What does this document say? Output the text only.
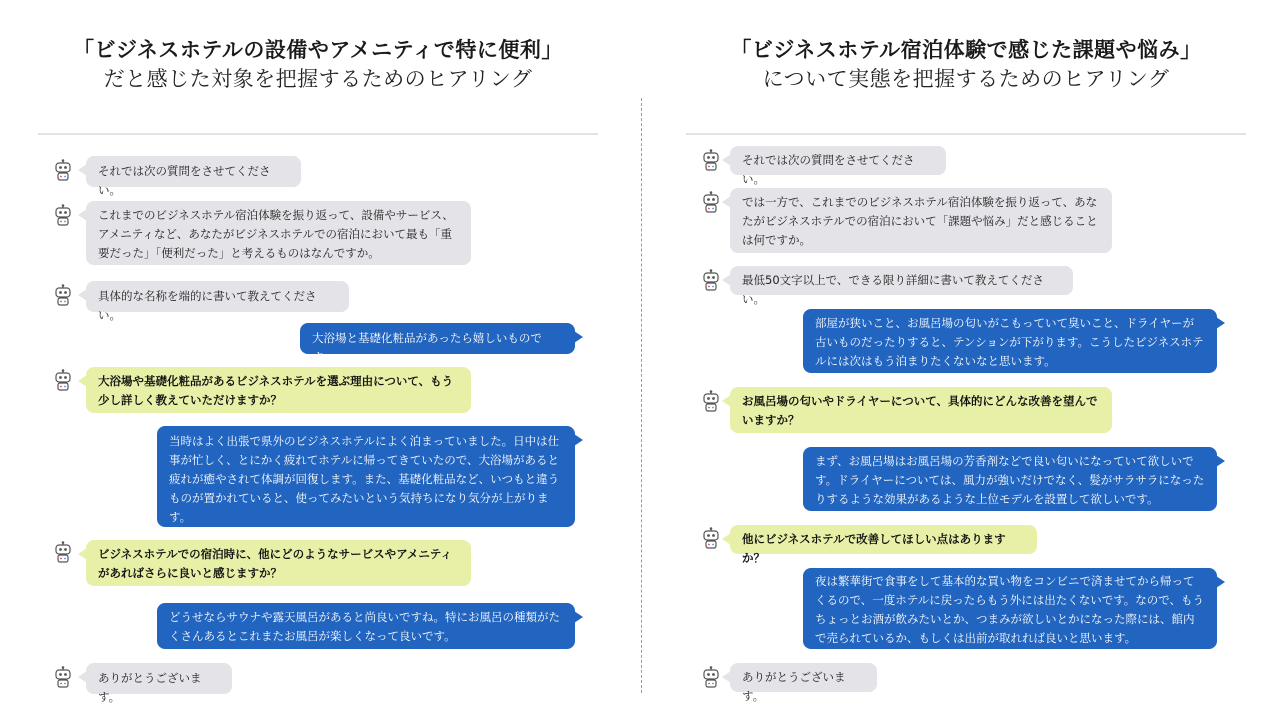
「ビジネスホテルの設備やアメニティで特に便利」
だと感じた対象を把握するためのヒアリング
それでは次の質問をさせてください。
これまでのビジネスホテル宿泊体験を振り返って、設備やサービス、アメニティなど、あなたがビジネスホテルでの宿泊において最も「重要だった」「便利だった」と考えるものはなんですか。
具体的な名称を端的に書いて教えてください。
大浴場と基礎化粧品があったら嬉しいものです。
大浴場や基礎化粧品があるビジネスホテルを選ぶ理由について、もう少し詳しく教えていただけますか？
当時はよく出張で県外のビジネスホテルによく泊まっていました。日中は仕事が忙しく、とにかく疲れてホテルに帰ってきていたので、大浴場があると疲れが癒やされて体調が回復します。また、基礎化粧品など、いつもと違うものが置かれていると、使ってみたいという気持ちになり気分が上がります。
ビジネスホテルでの宿泊時に、他にどのようなサービスやアメニティがあればさらに良いと感じますか？
どうせならサウナや露天風呂があると尚良いですね。特にお風呂の種類がたくさんあるとこれまたお風呂が楽しくなって良いです。
ありがとうございます。
「ビジネスホテル宿泊体験で感じた課題や悩み」
について実態を把握するためのヒアリング
それでは次の質問をさせてください。
では一方で、これまでのビジネスホテル宿泊体験を振り返って、あなたがビジネスホテルでの宿泊において「課題や悩み」だと感じることは何ですか。
最低50文字以上で、できる限り詳細に書いて教えてください。
部屋が狭いこと、お風呂場の匂いがこもっていて臭いこと、ドライヤーが古いものだったりすると、テンションが下がります。こうしたビジネスホテルには次はもう泊まりたくないなと思います。
お風呂場の匂いやドライヤーについて、具体的にどんな改善を望んでいますか？
まず、お風呂場はお風呂場の芳香剤などで良い匂いになっていて欲しいです。ドライヤーについては、風力が強いだけでなく、髪がサラサラになったりするような効果があるような上位モデルを設置して欲しいです。
他にビジネスホテルで改善してほしい点はありますか？
夜は繁華街で食事をして基本的な買い物をコンビニで済ませてから帰ってくるので、一度ホテルに戻ったらもう外には出たくないです。なので、もうちょっとお酒が飲みたいとか、つまみが欲しいとかになった際には、館内で売られているか、もしくは出前が取れれば良いと思います。
ありがとうございます。
